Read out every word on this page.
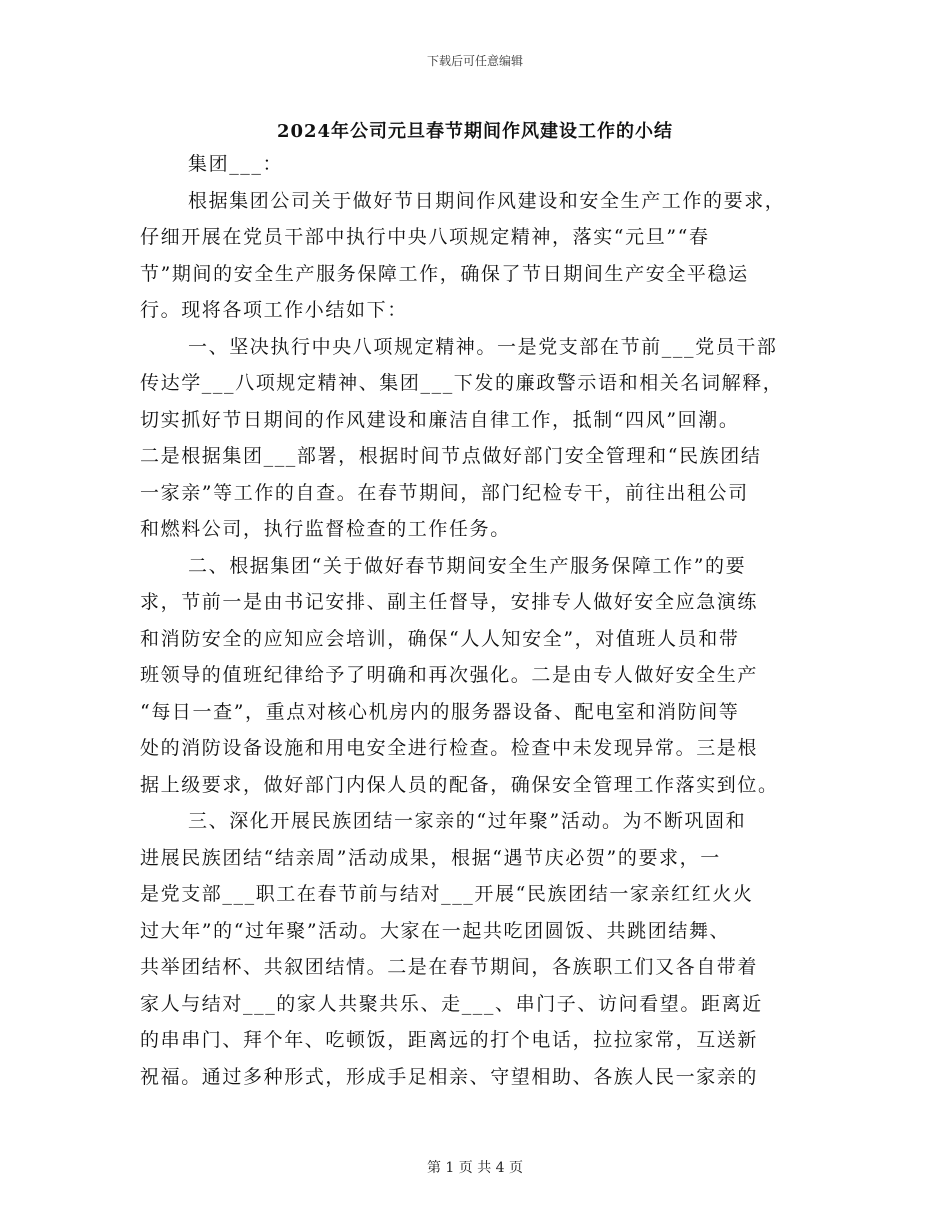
下载后可任意编辑
2024年公司元旦春节期间作风建设工作的小结
集团___：
根据集团公司关于做好节日期间作风建设和安全生产工作的要求，
仔细开展在党员干部中执行中央八项规定精神，落实“元旦”“春
节”期间的安全生产服务保障工作，确保了节日期间生产安全平稳运
行。现将各项工作小结如下：
一、坚决执行中央八项规定精神。一是党支部在节前___党员干部
传达学___八项规定精神、集团___下发的廉政警示语和相关名词解释，
切实抓好节日期间的作风建设和廉洁自律工作，抵制“四风”回潮。
二是根据集团___部署，根据时间节点做好部门安全管理和“民族团结
一家亲”等工作的自查。在春节期间，部门纪检专干，前往出租公司
和燃料公司，执行监督检查的工作任务。
二、根据集团“关于做好春节期间安全生产服务保障工作”的要
求，节前一是由书记安排、副主任督导，安排专人做好安全应急演练
和消防安全的应知应会培训，确保“人人知安全”，对值班人员和带
班领导的值班纪律给予了明确和再次强化。二是由专人做好安全生产
“每日一查”，重点对核心机房内的服务器设备、配电室和消防间等
处的消防设备设施和用电安全进行检查。检查中未发现异常。三是根
据上级要求，做好部门内保人员的配备，确保安全管理工作落实到位。
三、深化开展民族团结一家亲的“过年聚”活动。为不断巩固和
进展民族团结“结亲周”活动成果，根据“遇节庆必贺”的要求，一
是党支部___职工在春节前与结对___开展“民族团结一家亲红红火火
过大年”的“过年聚”活动。大家在一起共吃团圆饭、共跳团结舞、
共举团结杯、共叙团结情。二是在春节期间，各族职工们又各自带着
家人与结对___的家人共聚共乐、走___、串门子、访问看望。距离近
的串串门、拜个年、吃顿饭，距离远的打个电话，拉拉家常，互送新
祝福。通过多种形式，形成手足相亲、守望相助、各族人民一家亲的
第 1 页 共 4 页
